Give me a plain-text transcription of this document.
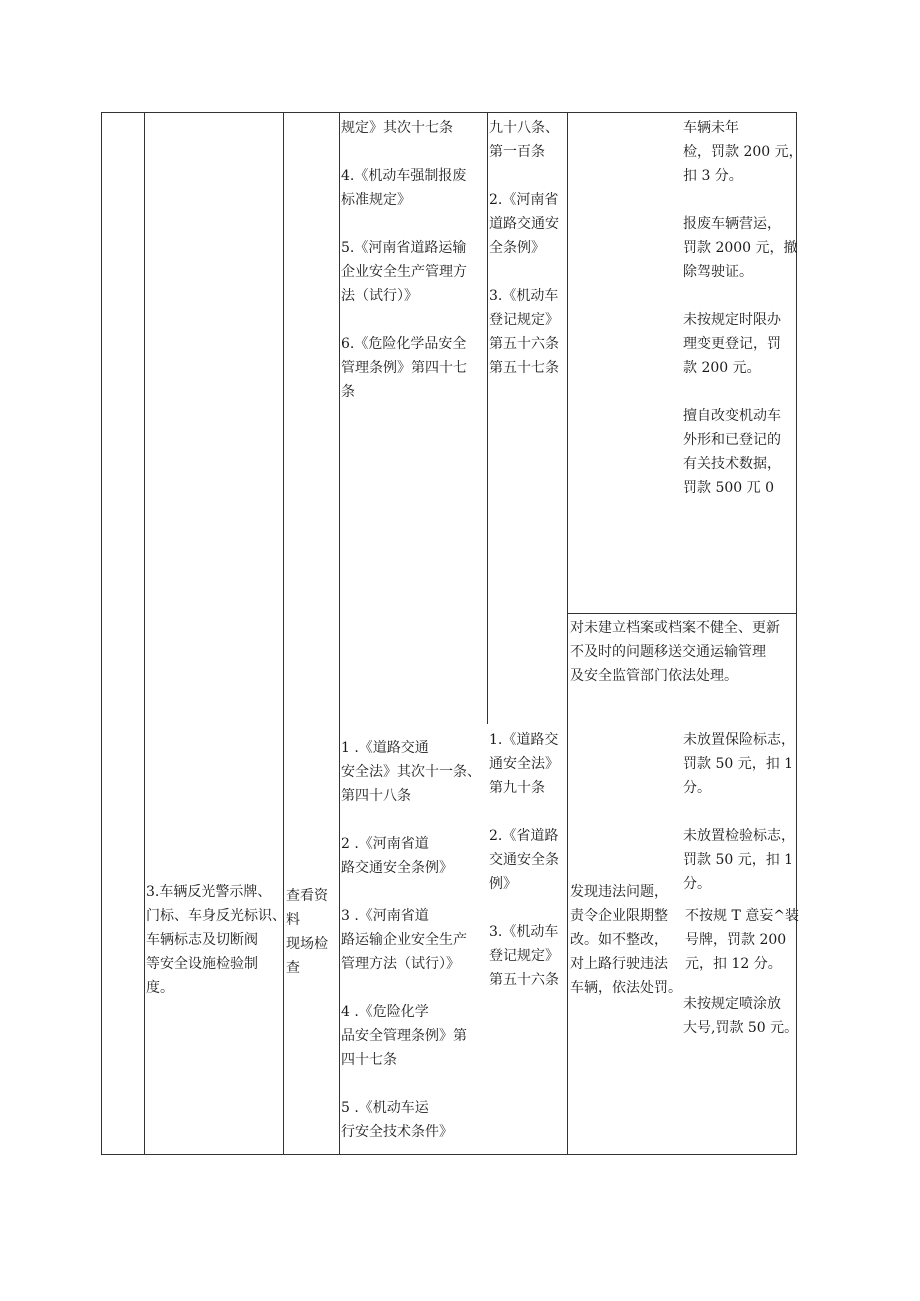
规定》其次十七条
4.《机动车强制报废
标准规定》
5.《河南省道路运输
企业安全生产管理方
法（试行）》
6.《危险化学品安全
管理条例》第四十七
条
九十八条、
第一百条
2.《河南省
道路交通安
全条例》
3.《机动车
登记规定》
第五十六条
第五十七条
车辆未年
检，罚款 200 元，
扣 3 分。
报废车辆营运，
罚款 2000 元，撤
除驾驶证。
未按规定时限办
理变更登记，罚
款 200 元。
擅自改变机动车
外形和已登记的
有关技术数据，
罚款 500 兀 0
对未建立档案或档案不健全、更新
不及时的问题移送交通运输管理
及安全监管部门依法处理。
3.车辆反光警示牌、
门标、车身反光标识、
车辆标志及切断阀
等安全设施检验制
度。
查看资
料
现场检
查
1 .《道路交通
安全法》其次十一条、
第四十八条
2 .《河南省道
路交通安全条例》
3 .《河南省道
路运输企业安全生产
管理方法（试行）》
4 .《危险化学
品安全管理条例》第
四十七条
5 .《机动车运
行安全技术条件》
1.《道路交
通安全法》
第九十条
2.《省道路
交通安全条
例》
3.《机动车
登记规定》
第五十六条
发现违法问题，
责令企业限期整
改。如不整改，
对上路行驶违法
车辆，依法处罚。
未放置保险标志，
罚款 50 元，扣 1
分。
未放置检验标志，
罚款 50 元，扣 1
分。
不按规 T 意妄^装
号牌，罚款 200
元，扣 12 分。
未按规定喷涂放
大号,罚款 50 元。
